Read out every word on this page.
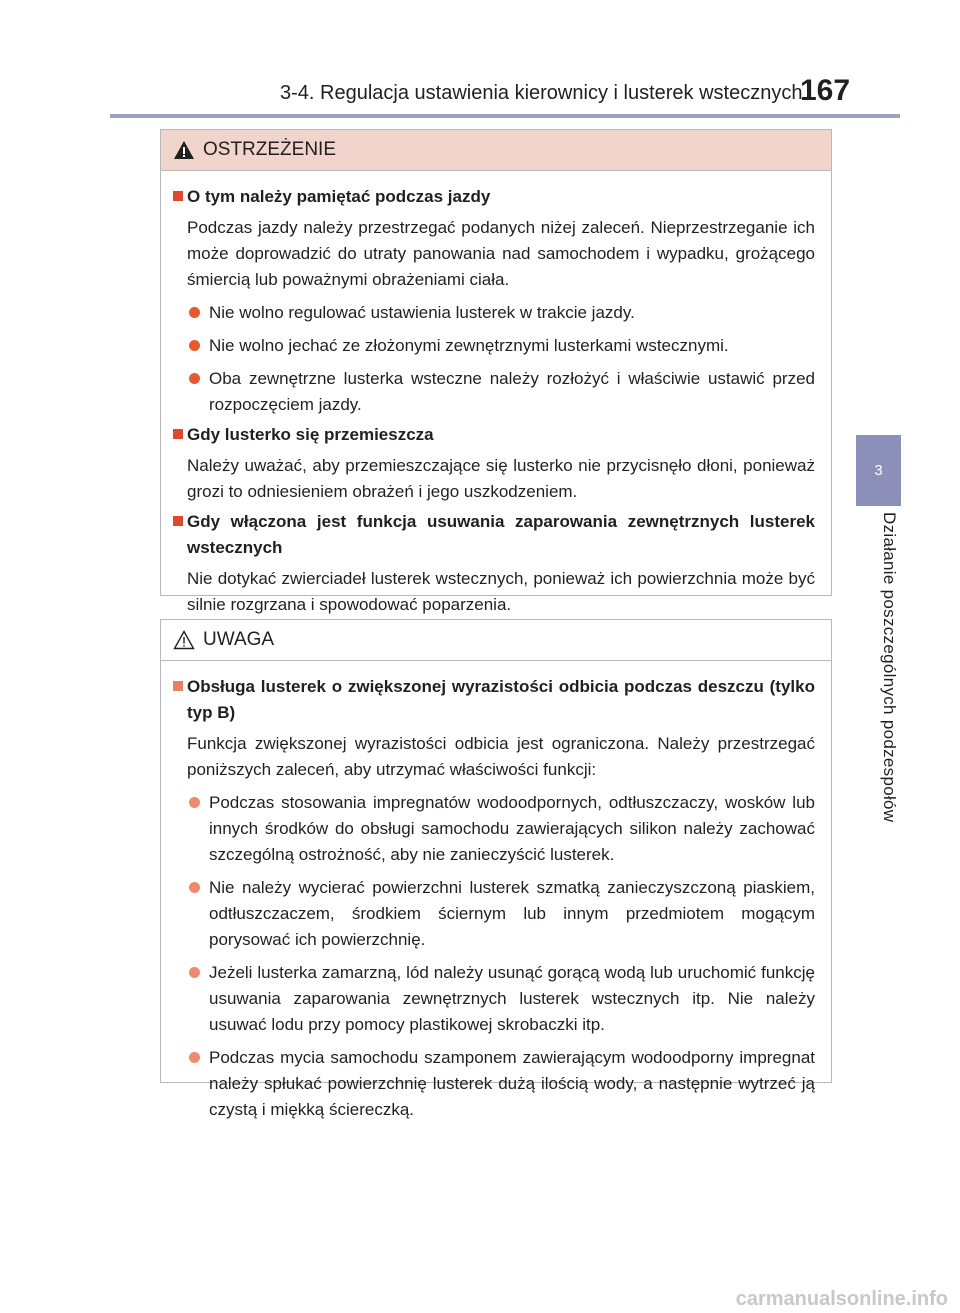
3-4. Regulacja ustawienia kierownicy i lusterek wstecznych
167
3
Działanie poszczególnych podzespołów
OSTRZEŻENIE
O tym należy pamiętać podczas jazdy
Podczas jazdy należy przestrzegać podanych niżej zaleceń. Nieprzestrzeganie ich może doprowadzić do utraty panowania nad samochodem i wypadku, grożącego śmiercią lub poważnymi obrażeniami ciała.
Nie wolno regulować ustawienia lusterek w trakcie jazdy.
Nie wolno jechać ze złożonymi zewnętrznymi lusterkami wstecznymi.
Oba zewnętrzne lusterka wsteczne należy rozłożyć i właściwie ustawić przed rozpoczęciem jazdy.
Gdy lusterko się przemieszcza
Należy uważać, aby przemieszczające się lusterko nie przycisnęło dłoni, ponieważ grozi to odniesieniem obrażeń i jego uszkodzeniem.
Gdy włączona jest funkcja usuwania zaparowania zewnętrznych lusterek wstecznych
Nie dotykać zwierciadeł lusterek wstecznych, ponieważ ich powierzchnia może być silnie rozgrzana i spowodować poparzenia.
UWAGA
Obsługa lusterek o zwiększonej wyrazistości odbicia podczas deszczu (tylko typ B)
Funkcja zwiększonej wyrazistości odbicia jest ograniczona. Należy przestrzegać poniższych zaleceń, aby utrzymać właściwości funkcji:
Podczas stosowania impregnatów wodoodpornych, odtłuszczaczy, wosków lub innych środków do obsługi samochodu zawierających silikon należy zachować szczególną ostrożność, aby nie zanieczyścić lusterek.
Nie należy wycierać powierzchni lusterek szmatką zanieczyszczoną piaskiem, odtłuszczaczem, środkiem ściernym lub innym przedmiotem mogącym porysować ich powierzchnię.
Jeżeli lusterka zamarzną, lód należy usunąć gorącą wodą lub uruchomić funkcję usuwania zaparowania zewnętrznych lusterek wstecznych itp. Nie należy usuwać lodu przy pomocy plastikowej skrobaczki itp.
Podczas mycia samochodu szamponem zawierającym wodoodporny impregnat należy spłukać powierzchnię lusterek dużą ilością wody, a następnie wytrzeć ją czystą i miękką ściereczką.
carmanualsonline.info
